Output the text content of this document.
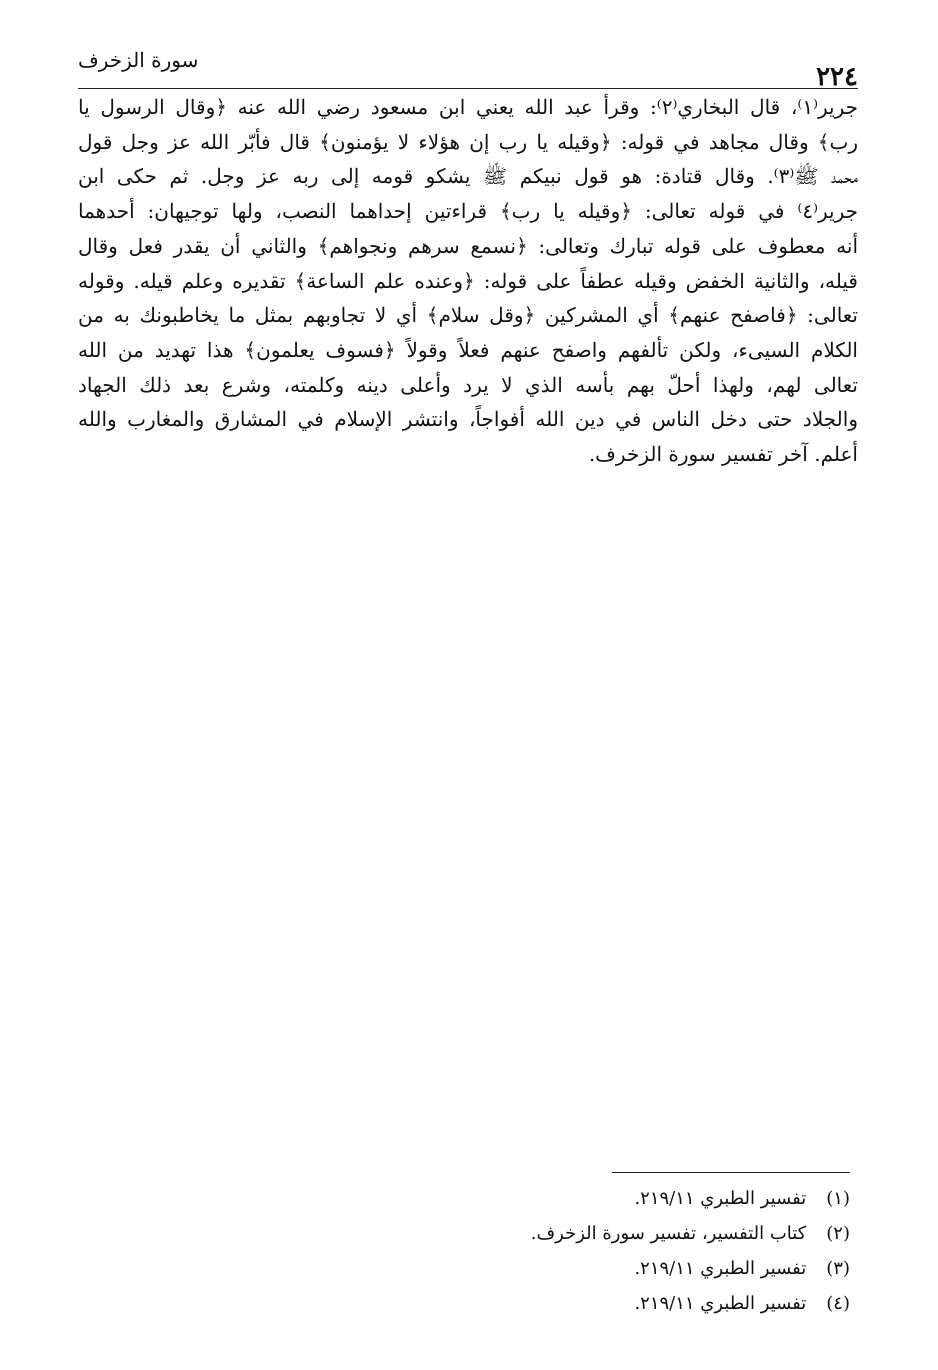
٢٢٤
سورة الزخرف
جرير⁽١⁾، قال البخاري⁽٢⁾: وقرأ عبد الله يعني ابن مسعود رضي الله عنه ﴿وقال الرسول يا
رب﴾ وقال مجاهد في قوله: ﴿وقيله يا رب إن هؤلاء لا يؤمنون﴾ قال فأبّر الله عز وجل قول
محمد ﷺ⁽٣⁾. وقال قتادة: هو قول نبيكم ﷺ يشكو قومه إلى ربه عز وجل. ثم حكى ابن
جرير⁽٤⁾ في قوله تعالى: ﴿وقيله يا رب﴾ قراءتين إحداهما النصب، ولها توجيهان: أحدهما
أنه معطوف على قوله تبارك وتعالى: ﴿نسمع سرهم ونجواهم﴾ والثاني أن يقدر فعل وقال
قيله، والثانية الخفض وقيله عطفاً على قوله: ﴿وعنده علم الساعة﴾ تقديره وعلم قيله. وقوله
تعالى: ﴿فاصفح عنهم﴾ أي المشركين ﴿وقل سلام﴾ أي لا تجاوبهم بمثل ما يخاطبونك به من
الكلام السيىء، ولكن تألفهم واصفح عنهم فعلاً وقولاً ﴿فسوف يعلمون﴾ هذا تهديد من الله
تعالى لهم، ولهذا أحلّ بهم بأسه الذي لا يرد وأعلى دينه وكلمته، وشرع بعد ذلك الجهاد
والجلاد حتى دخل الناس في دين الله أفواجاً، وانتشر الإسلام في المشارق والمغارب والله
أعلم. آخر تفسير سورة الزخرف.
(١) تفسير الطبري ٢١٩/١١.
(٢) كتاب التفسير، تفسير سورة الزخرف.
(٣) تفسير الطبري ٢١٩/١١.
(٤) تفسير الطبري ٢١٩/١١.
